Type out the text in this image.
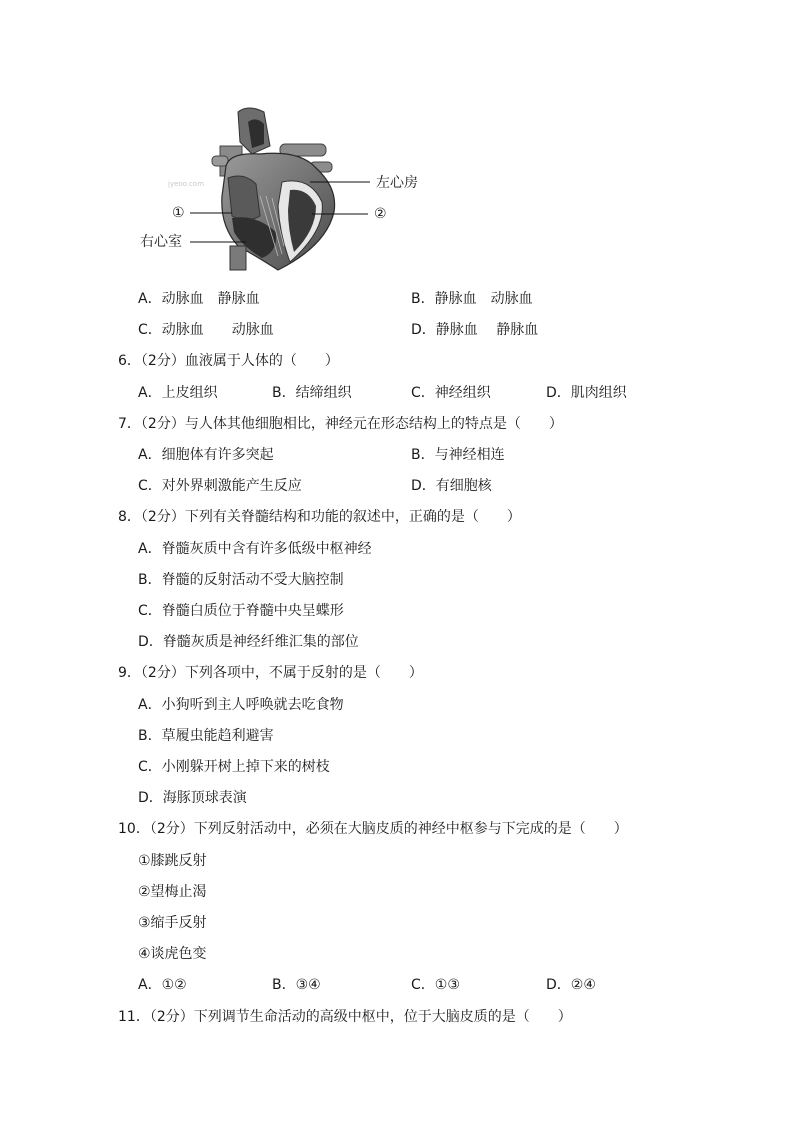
jyeoo.com	左心房
①	②
右心室
A．动脉血　静脉血	B．静脉血　动脉血
C．动脉血　　动脉血	D．静脉血　 静脉血
6．（2分）血液属于人体的（　　）
A．上皮组织	B．结缔组织	C．神经组织	D．肌肉组织
7．（2分）与人体其他细胞相比，神经元在形态结构上的特点是（　　）
A．细胞体有许多突起	B．与神经相连
C．对外界刺激能产生反应	D．有细胞核
8．（2分）下列有关脊髓结构和功能的叙述中，正确的是（　　）
A．脊髓灰质中含有许多低级中枢神经
B．脊髓的反射活动不受大脑控制
C．脊髓白质位于脊髓中央呈蝶形
D．脊髓灰质是神经纤维汇集的部位
9．（2分）下列各项中，不属于反射的是（　　）
A．小狗听到主人呼唤就去吃食物
B．草履虫能趋利避害
C．小刚躲开树上掉下来的树枝
D．海豚顶球表演
10．（2分）下列反射活动中，必须在大脑皮质的神经中枢参与下完成的是（　　）
①膝跳反射
②望梅止渴
③缩手反射
④谈虎色变
A．①②	B．③④	C．①③	D．②④
11．（2分）下列调节生命活动的高级中枢中，位于大脑皮质的是（　　）
